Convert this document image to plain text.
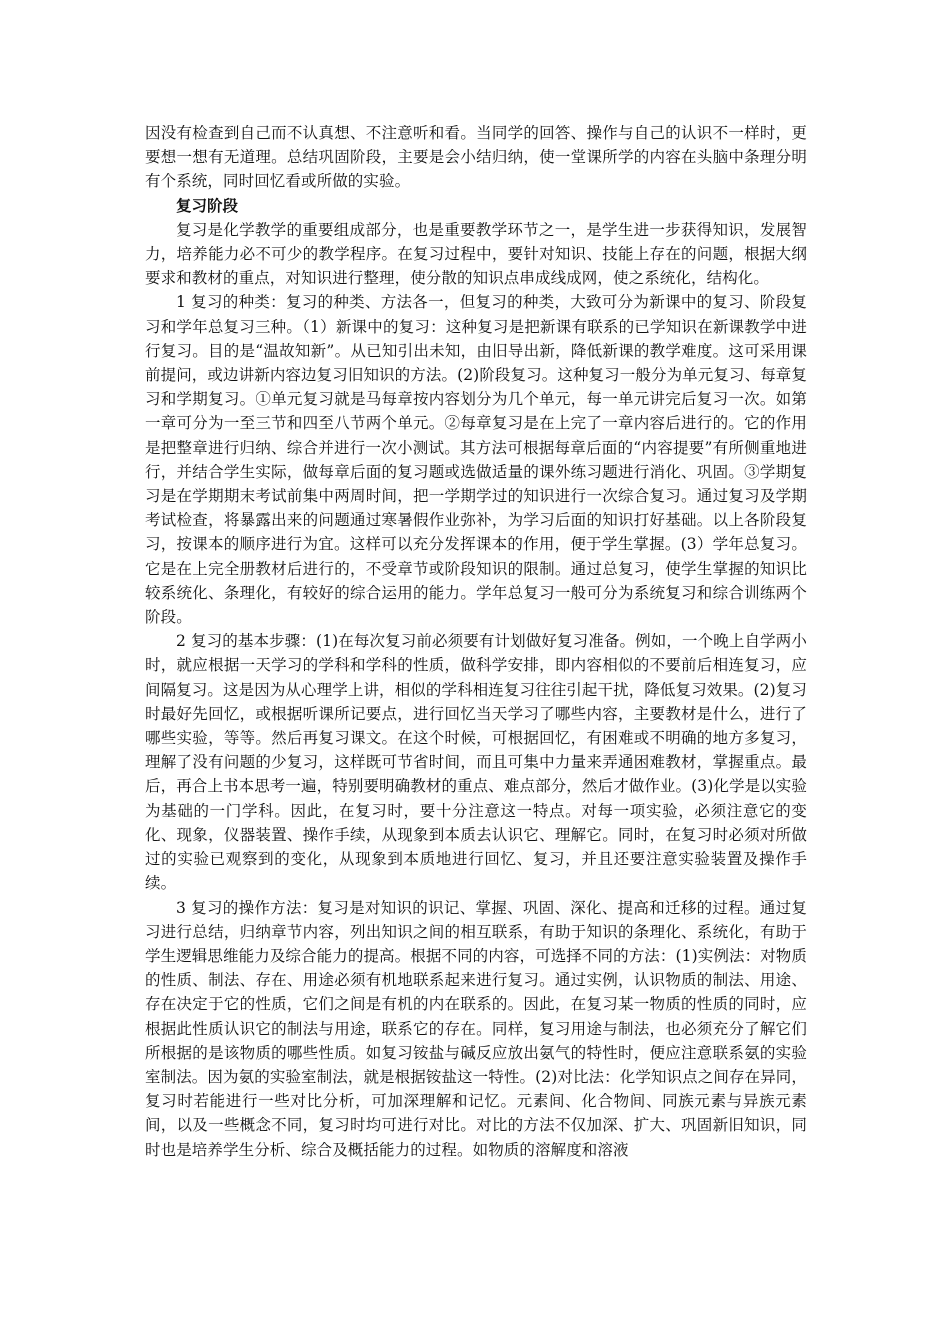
因没有检查到自己而不认真想、不注意听和看。当同学的回答、操作与自己的认识不一样时，更要想一想有无道理。总结巩固阶段，主要是会小结归纳，使一堂课所学的内容在头脑中条理分明有个系统，同时回忆看或所做的实验。

复习阶段

复习是化学教学的重要组成部分，也是重要教学环节之一，是学生进一步获得知识，发展智力，培养能力必不可少的教学程序。在复习过程中，要针对知识、技能上存在的问题，根据大纲要求和教材的重点，对知识进行整理，使分散的知识点串成线成网，使之系统化，结构化。

1 复习的种类：复习的种类、方法各一，但复习的种类，大致可分为新课中的复习、阶段复习和学年总复习三种。（1）新课中的复习：这种复习是把新课有联系的已学知识在新课教学中进行复习。目的是“温故知新”。从已知引出未知，由旧导出新，降低新课的教学难度。这可采用课前提问，或边讲新内容边复习旧知识的方法。(2)阶段复习。这种复习一般分为单元复习、每章复习和学期复习。①单元复习就是马每章按内容划分为几个单元，每一单元讲完后复习一次。如第一章可分为一至三节和四至八节两个单元。②每章复习是在上完了一章内容后进行的。它的作用是把整章进行归纳、综合并进行一次小测试。其方法可根据每章后面的“内容提要”有所侧重地进行，并结合学生实际，做每章后面的复习题或选做适量的课外练习题进行消化、巩固。③学期复习是在学期期末考试前集中两周时间，把一学期学过的知识进行一次综合复习。通过复习及学期考试检查，将暴露出来的问题通过寒暑假作业弥补，为学习后面的知识打好基础。以上各阶段复习，按课本的顺序进行为宜。这样可以充分发挥课本的作用，便于学生掌握。(3）学年总复习。它是在上完全册教材后进行的，不受章节或阶段知识的限制。通过总复习，使学生掌握的知识比较系统化、条理化，有较好的综合运用的能力。学年总复习一般可分为系统复习和综合训练两个阶段。

2 复习的基本步骤：(1)在每次复习前必须要有计划做好复习准备。例如，一个晚上自学两小时，就应根据一天学习的学科和学科的性质，做科学安排，即内容相似的不要前后相连复习，应间隔复习。这是因为从心理学上讲，相似的学科相连复习往往引起干扰，降低复习效果。(2)复习时最好先回忆，或根据听课所记要点，进行回忆当天学习了哪些内容，主要教材是什么，进行了哪些实验，等等。然后再复习课文。在这个时候，可根据回忆，有困难或不明确的地方多复习，理解了没有问题的少复习，这样既可节省时间，而且可集中力量来弄通困难教材，掌握重点。最后，再合上书本思考一遍，特别要明确教材的重点、难点部分，然后才做作业。(3)化学是以实验为基础的一门学科。因此，在复习时，要十分注意这一特点。对每一项实验，必须注意它的变化、现象，仪器装置、操作手续，从现象到本质去认识它、理解它。同时，在复习时必须对所做过的实验已观察到的变化，从现象到本质地进行回忆、复习，并且还要注意实验装置及操作手续。

3 复习的操作方法：复习是对知识的识记、掌握、巩固、深化、提高和迁移的过程。通过复习进行总结，归纳章节内容，列出知识之间的相互联系，有助于知识的条理化、系统化，有助于学生逻辑思维能力及综合能力的提高。根据不同的内容，可选择不同的方法：(1)实例法：对物质的性质、制法、存在、用途必须有机地联系起来进行复习。通过实例，认识物质的制法、用途、存在决定于它的性质，它们之间是有机的内在联系的。因此，在复习某一物质的性质的同时，应根据此性质认识它的制法与用途，联系它的存在。同样，复习用途与制法，也必须充分了解它们所根据的是该物质的哪些性质。如复习铵盐与碱反应放出氨气的特性时，便应注意联系氨的实验室制法。因为氨的实验室制法，就是根据铵盐这一特性。(2)对比法：化学知识点之间存在异同，复习时若能进行一些对比分析，可加深理解和记忆。元素间、化合物间、同族元素与异族元素间，以及一些概念不同，复习时均可进行对比。对比的方法不仅加深、扩大、巩固新旧知识，同时也是培养学生分析、综合及概括能力的过程。如物质的溶解度和溶液
